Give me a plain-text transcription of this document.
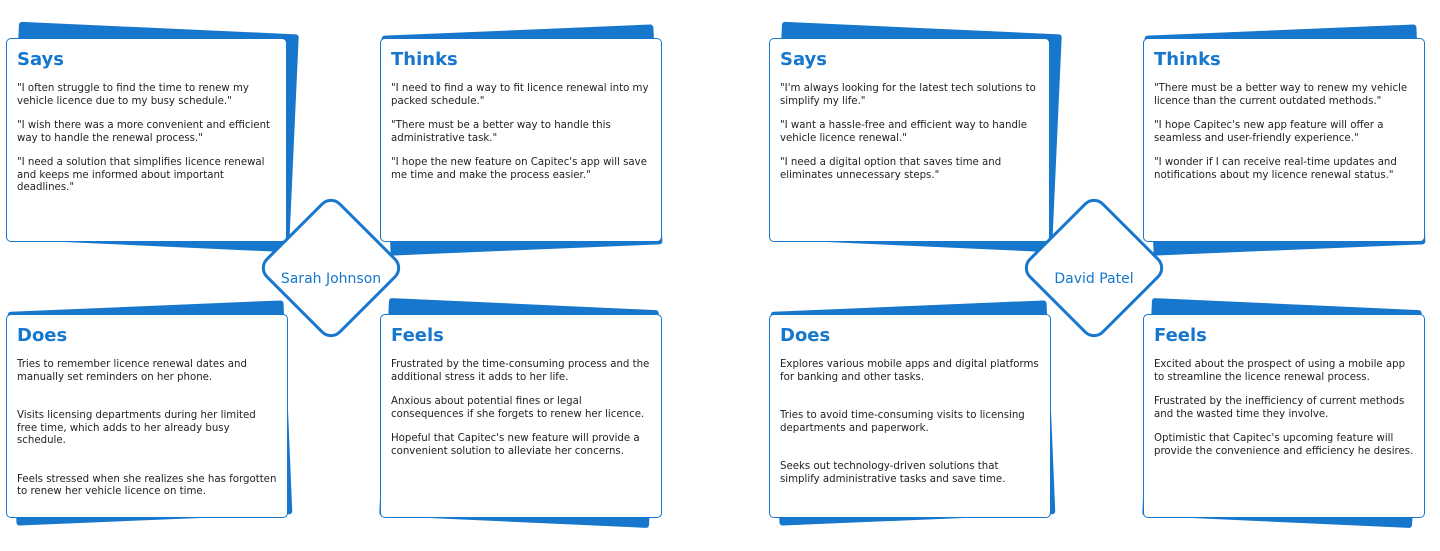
Says

"I often struggle to find the time to renew my vehicle licence due to my busy schedule."

"I wish there was a more convenient and efficient way to handle the renewal process."

"I need a solution that simplifies licence renewal and keeps me informed about important deadlines."

Thinks

"I need to find a way to fit licence renewal into my packed schedule."

"There must be a better way to handle this administrative task."

"I hope the new feature on Capitec's app will save me time and make the process easier."

Does

Tries to remember licence renewal dates and manually set reminders on her phone.

Visits licensing departments during her limited free time, which adds to her already busy schedule.

Feels stressed when she realizes she has forgotten to renew her vehicle licence on time.

Feels

Frustrated by the time-consuming process and the additional stress it adds to her life.

Anxious about potential fines or legal consequences if she forgets to renew her licence.

Hopeful that Capitec's new feature will provide a convenient solution to alleviate her concerns.

Sarah Johnson
Says

"I'm always looking for the latest tech solutions to simplify my life."

"I want a hassle-free and efficient way to handle vehicle licence renewal."

"I need a digital option that saves time and eliminates unnecessary steps."

Thinks

"There must be a better way to renew my vehicle licence than the current outdated methods."

"I hope Capitec's new app feature will offer a seamless and user-friendly experience."

"I wonder if I can receive real-time updates and notifications about my licence renewal status."

Does

Explores various mobile apps and digital platforms for banking and other tasks.

Tries to avoid time-consuming visits to licensing departments and paperwork.

Seeks out technology-driven solutions that simplify administrative tasks and save time.

Feels

Excited about the prospect of using a mobile app to streamline the licence renewal process.

Frustrated by the inefficiency of current methods and the wasted time they involve.

Optimistic that Capitec's upcoming feature will provide the convenience and efficiency he desires.

David Patel
